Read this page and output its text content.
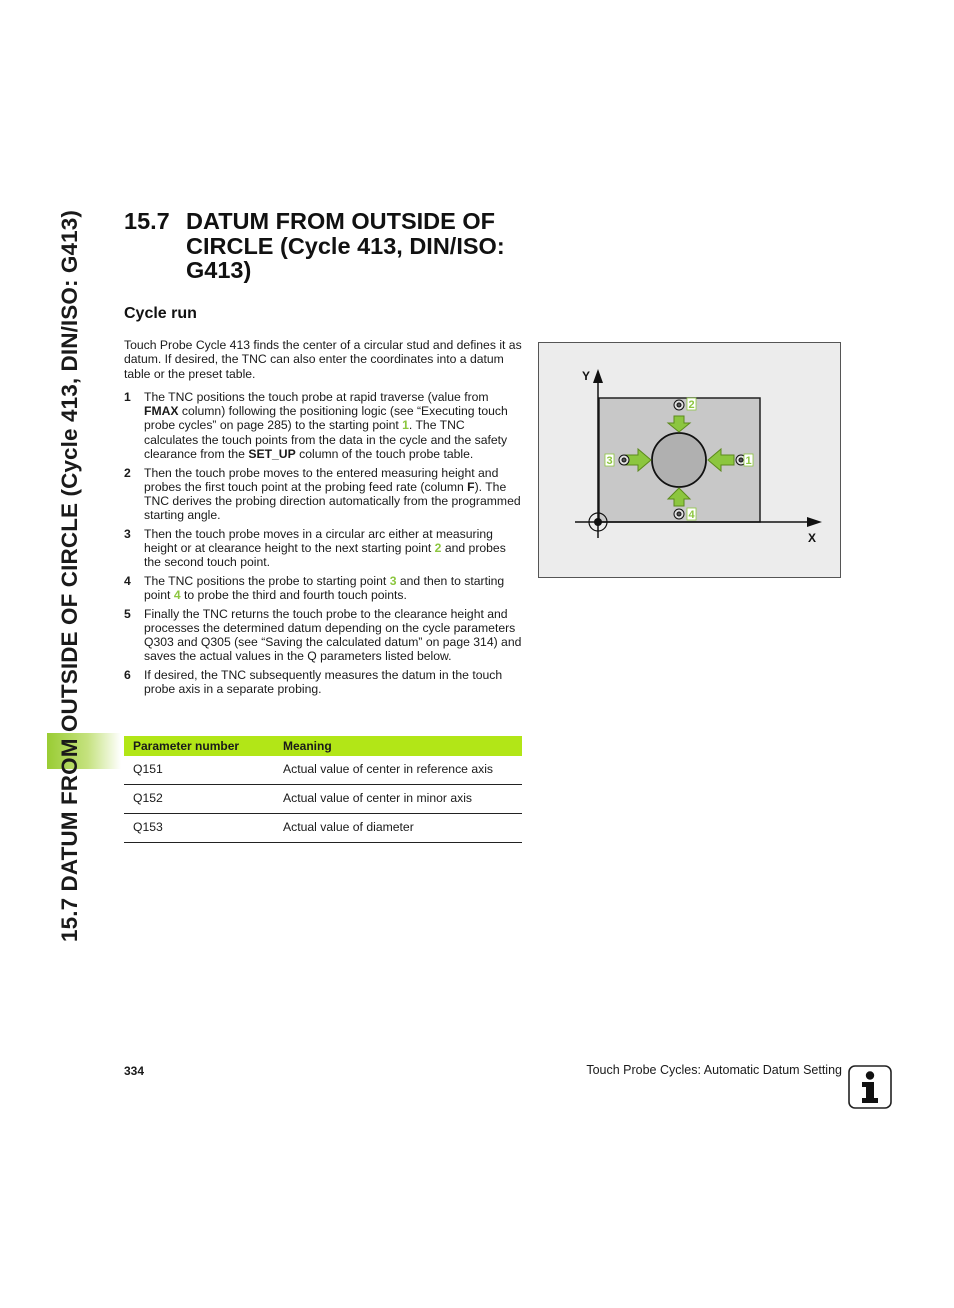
15.7 DATUM FROM OUTSIDE OF CIRCLE (Cycle 413, DIN/ISO: G413)	15.7 DATUM FROM OUTSIDE OF CIRCLE (Cycle 413, DIN/ISO: G413)
Cycle run
Touch Probe Cycle 413 finds the center of a circular stud and defines it as datum. If desired, the TNC can also enter the coordinates into a datum table or the preset table.
1 The TNC positions the touch probe at rapid traverse (value from FMAX column) following the positioning logic (see “Executing touch probe cycles” on page 285) to the starting point 1. The TNC calculates the touch points from the data in the cycle and the safety clearance from the SET_UP column of the touch probe table.
2 Then the touch probe moves to the entered measuring height and probes the first touch point at the probing feed rate (column F). The TNC derives the probing direction automatically from the programmed starting angle.
3 Then the touch probe moves in a circular arc either at measuring height or at clearance height to the next starting point 2 and probes the second touch point.
4 The TNC positions the probe to starting point 3 and then to starting point 4 to probe the third and fourth touch points.
5 Finally the TNC returns the touch probe to the clearance height and processes the determined datum depending on the cycle parameters Q303 and Q305 (see “Saving the calculated datum” on page 314) and saves the actual values in the Q parameters listed below.
6 If desired, the TNC subsequently measures the datum in the touch probe axis in a separate probing.
Parameter number	Meaning
Q151	Actual value of center in reference axis
Q152	Actual value of center in minor axis
Q153	Actual value of diameter
Y
X
1
2
3
4
334	Touch Probe Cycles: Automatic Datum Setting
